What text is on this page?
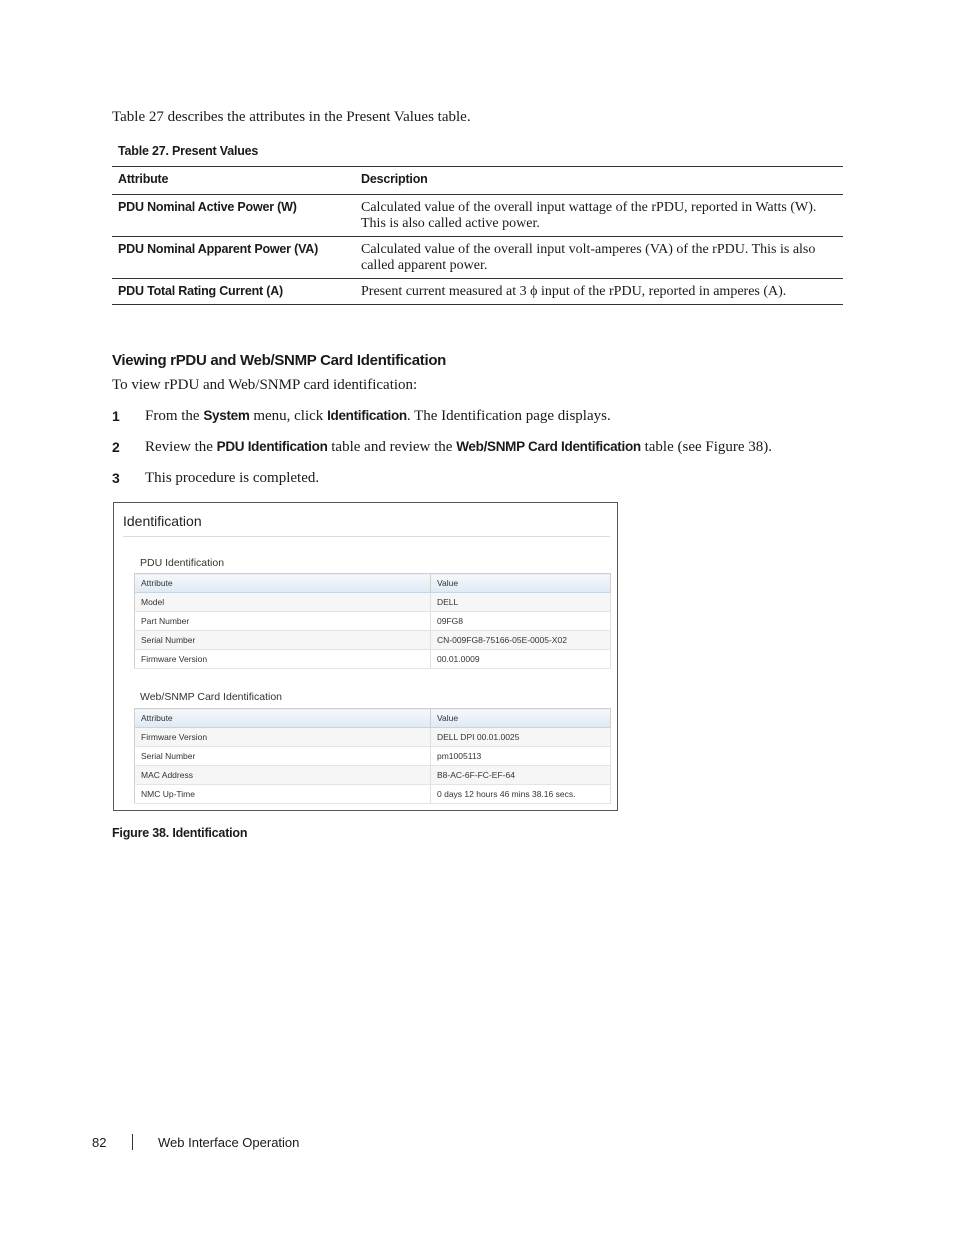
Table 27 describes the attributes in the Present Values table.
Table 27. Present Values
Attribute	Description
PDU Nominal Active Power (W)	Calculated value of the overall input wattage of the rPDU, reported in Watts (W). This is also called active power.
PDU Nominal Apparent Power (VA)	Calculated value of the overall input volt-amperes (VA) of the rPDU. This is also called apparent power.
PDU Total Rating Current (A)	Present current measured at 3 ϕ input of the rPDU, reported in amperes (A).
Viewing rPDU and Web/SNMP Card Identification
To view rPDU and Web/SNMP card identification:
1 From the System menu, click Identification. The Identification page displays.
2 Review the PDU Identification table and review the Web/SNMP Card Identification table (see Figure 38).
3 This procedure is completed.
Identification
PDU Identification
Attribute	Value
Model	DELL
Part Number	09FG8
Serial Number	CN-009FG8-75166-05E-0005-X02
Firmware Version	00.01.0009
Web/SNMP Card Identification
Attribute	Value
Firmware Version	DELL DPI 00.01.0025
Serial Number	pm1005113
MAC Address	B8-AC-6F-FC-EF-64
NMC Up-Time	0 days 12 hours 46 mins 38.16 secs.
Figure 38. Identification
82	Web Interface Operation
